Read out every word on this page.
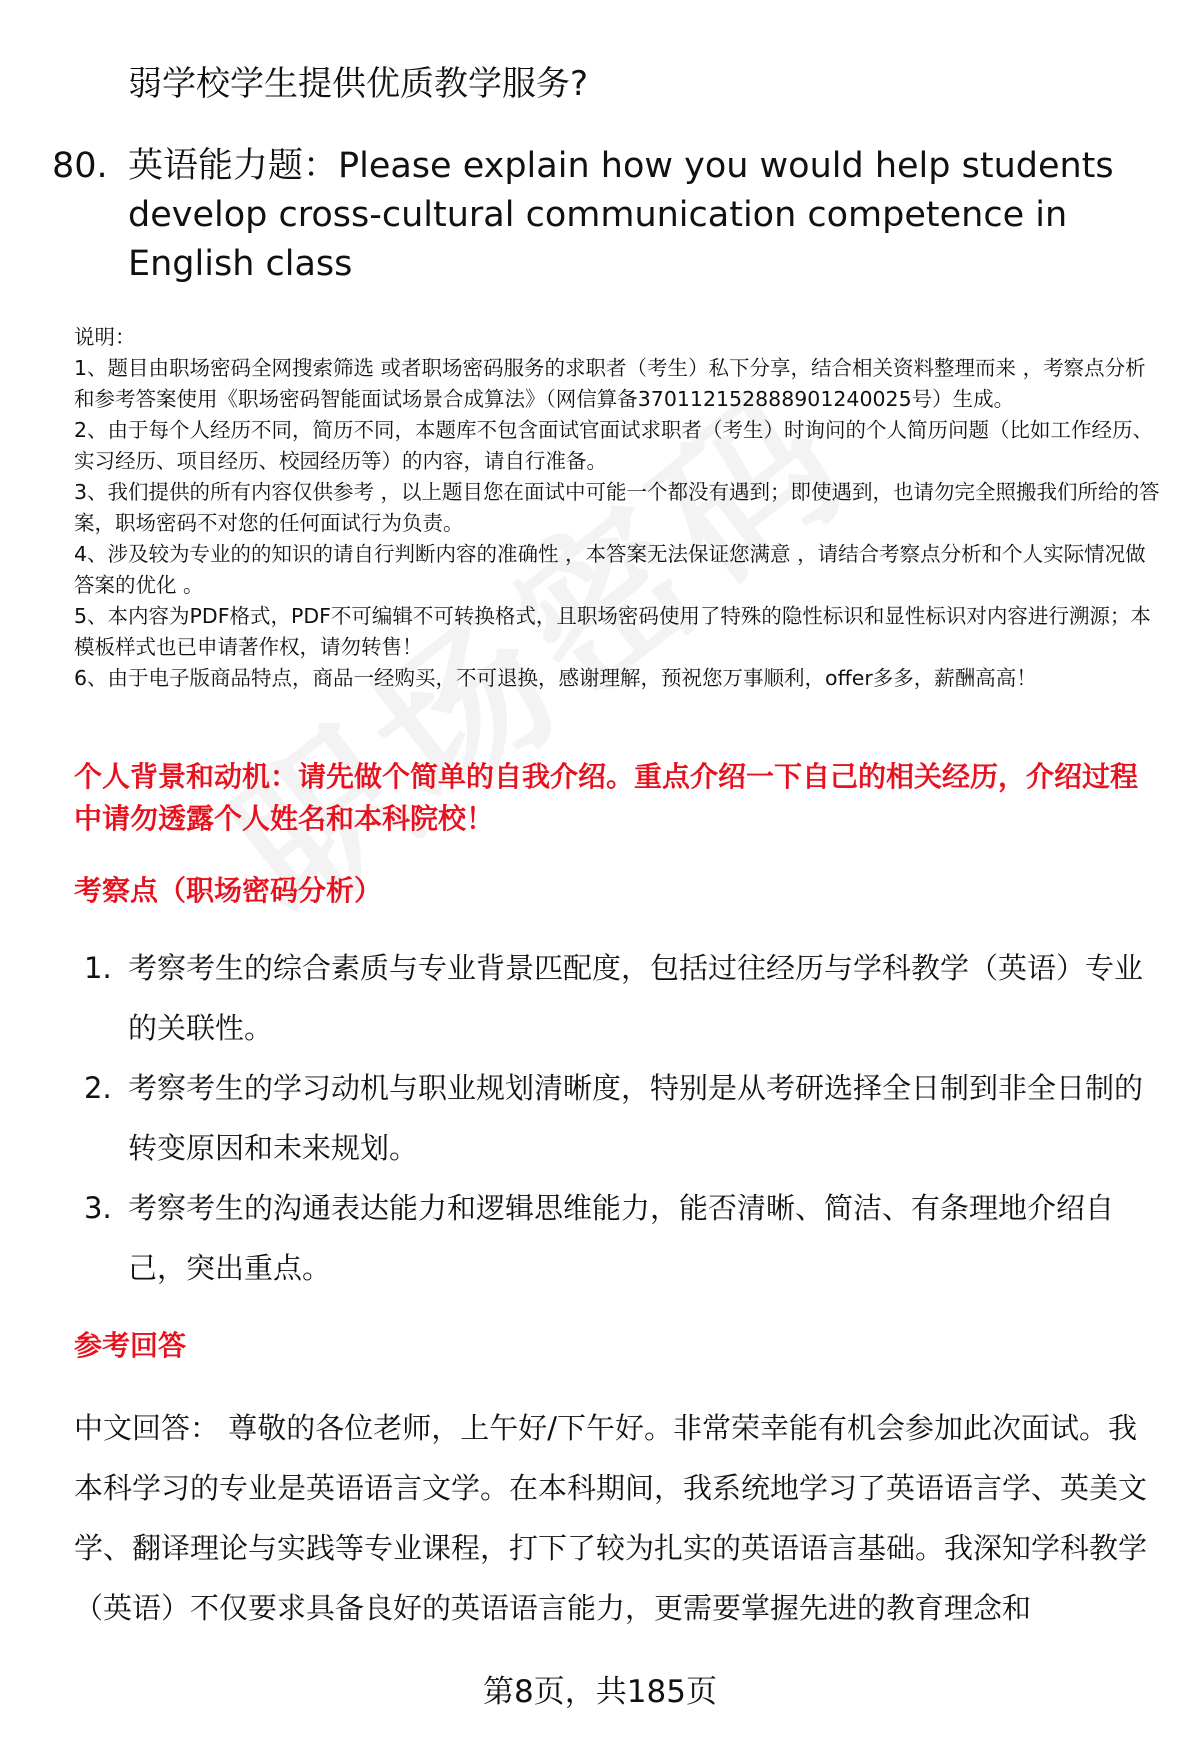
弱学校学生提供优质教学服务?
80. 英语能力题：Please explain how you would help students develop cross-cultural communication competence in English class
说明：
1、题目由职场密码全网搜索筛选 或者职场密码服务的求职者（考生）私下分享，结合相关资料整理而来 ，考察点分析和参考答案使用《职场密码智能面试场景合成算法》（网信算备370112152888901240025号）生成。
2、由于每个人经历不同，简历不同，本题库不包含面试官面试求职者（考生）时询问的个人简历问题（比如工作经历、实习经历、项目经历、校园经历等）的内容，请自行准备。
3、我们提供的所有内容仅供参考 ，以上题目您在面试中可能一个都没有遇到；即使遇到，也请勿完全照搬我们所给的答案，职场密码不对您的任何面试行为负责。
4、涉及较为专业的的知识的请自行判断内容的准确性 ，本答案无法保证您满意 ，请结合考察点分析和个人实际情况做答案的优化 。
5、本内容为PDF格式，PDF不可编辑不可转换格式，且职场密码使用了特殊的隐性标识和显性标识对内容进行溯源；本模板样式也已申请著作权，请勿转售！
6、由于电子版商品特点，商品一经购买，不可退换，感谢理解，预祝您万事顺利，offer多多，薪酬高高！
个人背景和动机：请先做个简单的自我介绍。重点介绍一下自己的相关经历，介绍过程中请勿透露个人姓名和本科院校！
考察点（职场密码分析）
1. 考察考生的综合素质与专业背景匹配度，包括过往经历与学科教学（英语）专业的关联性。
2. 考察考生的学习动机与职业规划清晰度，特别是从考研选择全日制到非全日制的转变原因和未来规划。
3. 考察考生的沟通表达能力和逻辑思维能力，能否清晰、简洁、有条理地介绍自己，突出重点。
参考回答
中文回答： 尊敬的各位老师，上午好/下午好。非常荣幸能有机会参加此次面试。我本科学习的专业是英语语言文学。在本科期间，我系统地学习了英语语言学、英美文学、翻译理论与实践等专业课程，打下了较为扎实的英语语言基础。我深知学科教学（英语）不仅要求具备良好的英语语言能力，更需要掌握先进的教育理念和
第8页，共185页
